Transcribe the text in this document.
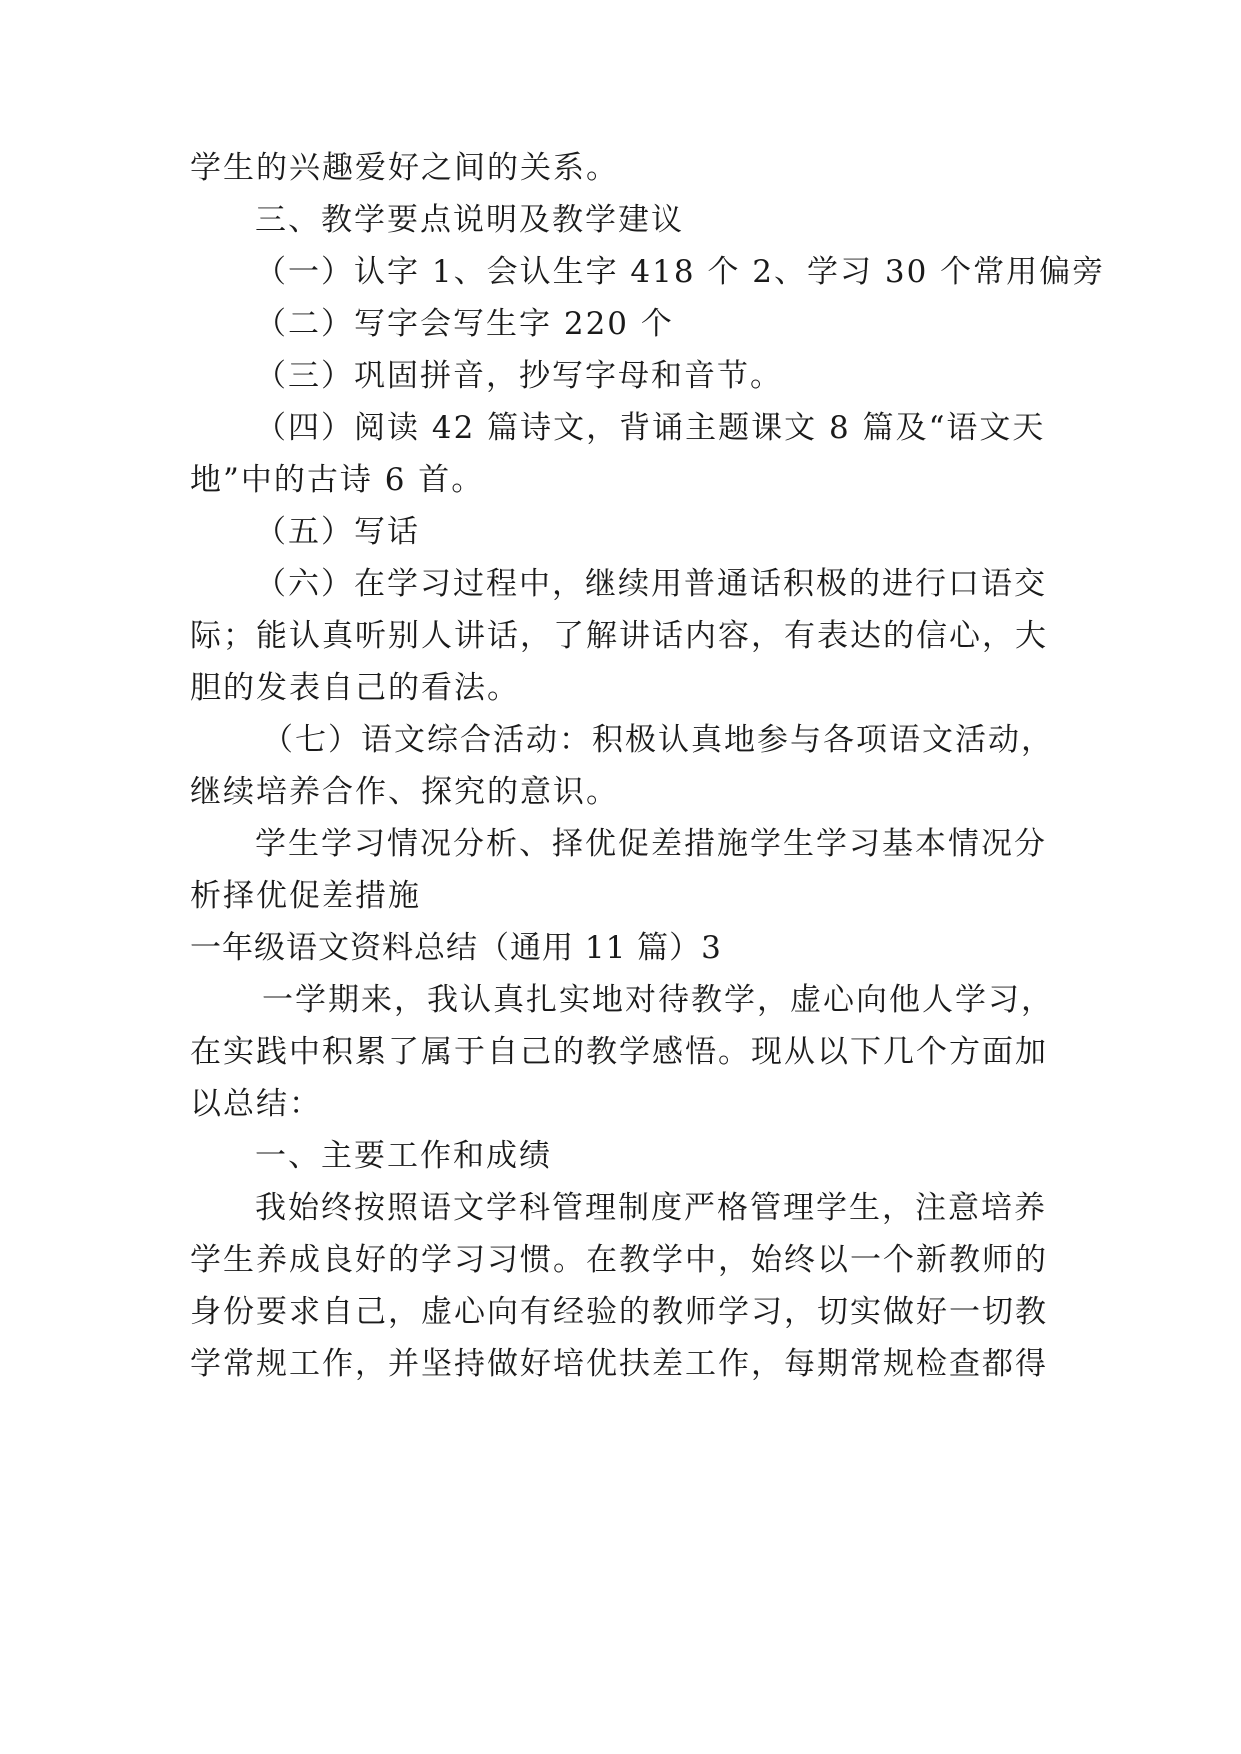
学生的兴趣爱好之间的关系。
三、教学要点说明及教学建议
（一）认字 1、会认生字 418 个 2、学习 30 个常用偏旁
（二）写字会写生字 220 个
（三）巩固拼音，抄写字母和音节。
（四）阅读 42 篇诗文，背诵主题课文 8 篇及“语文天
地”中的古诗 6 首。
（五）写话
（六）在学习过程中，继续用普通话积极的进行口语交
际；能认真听别人讲话，了解讲话内容，有表达的信心，大
胆的发表自己的看法。
（七）语文综合活动：积极认真地参与各项语文活动，
继续培养合作、探究的意识。
学生学习情况分析、择优促差措施学生学习基本情况分
析择优促差措施
一年级语文资料总结（通用 11 篇）3
一学期来，我认真扎实地对待教学，虚心向他人学习，
在实践中积累了属于自己的教学感悟。现从以下几个方面加
以总结：
一、主要工作和成绩
我始终按照语文学科管理制度严格管理学生，注意培养
学生养成良好的学习习惯。在教学中，始终以一个新教师的
身份要求自己，虚心向有经验的教师学习，切实做好一切教
学常规工作，并坚持做好培优扶差工作，每期常规检查都得
